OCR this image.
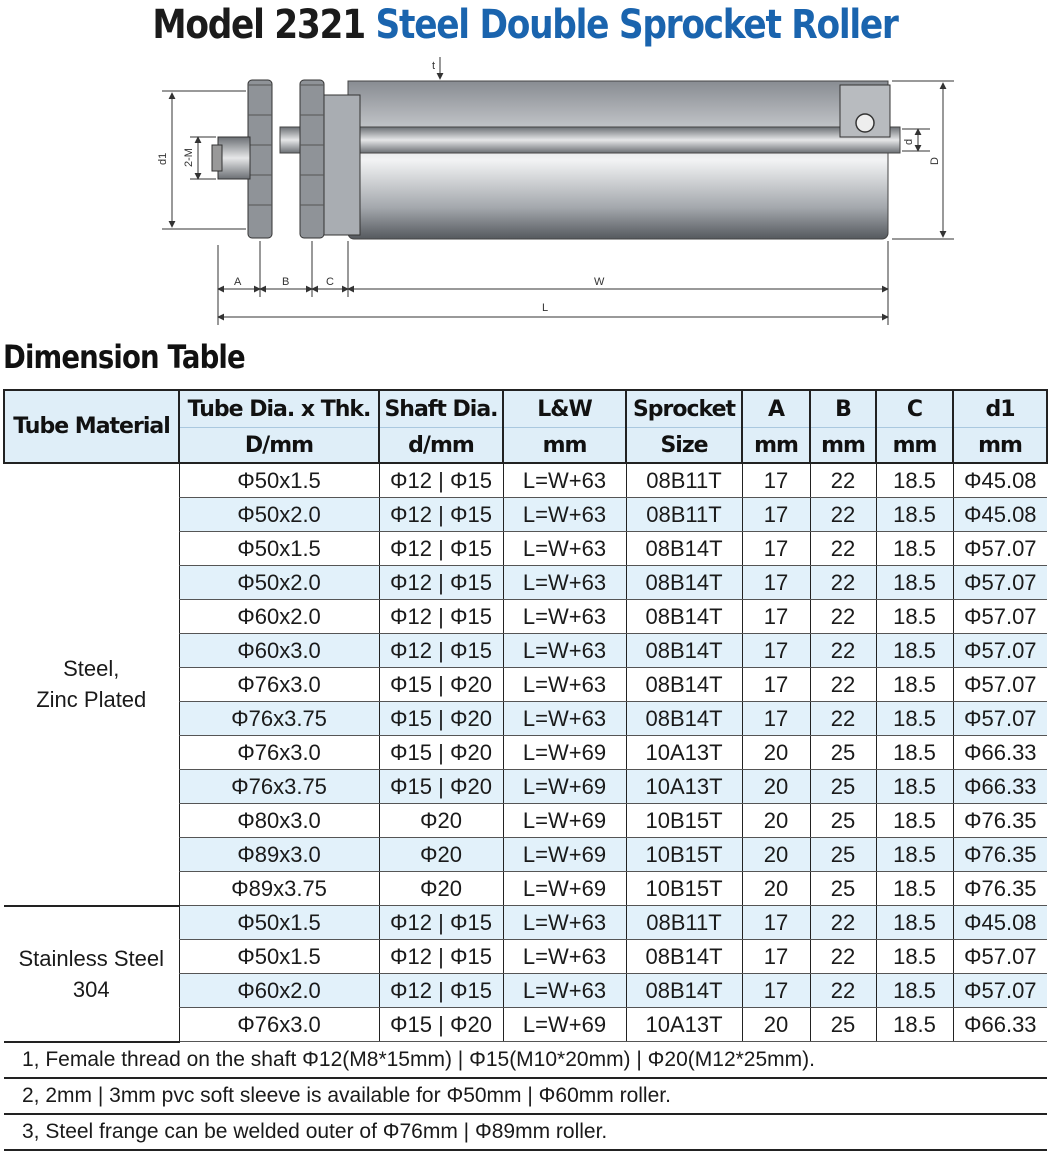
Model 2321 Steel Double Sprocket Roller
t
d1 2-M
d
D
A	B	C	W
L
Dimension Table
Tube Material	Tube Dia. x Thk.	Shaft Dia.	L&W	Sprocket	A	B	C	d1
	D/mm	d/mm	mm	Size	mm	mm	mm	mm

Steel,
Zinc Plated	Φ50x1.5	Φ12 | Φ15	L=W+63	08B11T	17	22	18.5	Φ45.08
	Φ50x2.0	Φ12 | Φ15	L=W+63	08B11T	17	22	18.5	Φ45.08
	Φ50x1.5	Φ12 | Φ15	L=W+63	08B14T	17	22	18.5	Φ57.07
	Φ50x2.0	Φ12 | Φ15	L=W+63	08B14T	17	22	18.5	Φ57.07
	Φ60x2.0	Φ12 | Φ15	L=W+63	08B14T	17	22	18.5	Φ57.07
	Φ60x3.0	Φ12 | Φ15	L=W+63	08B14T	17	22	18.5	Φ57.07
	Φ76x3.0	Φ15 | Φ20	L=W+63	08B14T	17	22	18.5	Φ57.07
	Φ76x3.75	Φ15 | Φ20	L=W+63	08B14T	17	22	18.5	Φ57.07
	Φ76x3.0	Φ15 | Φ20	L=W+69	10A13T	20	25	18.5	Φ66.33
	Φ76x3.75	Φ15 | Φ20	L=W+69	10A13T	20	25	18.5	Φ66.33
	Φ80x3.0	Φ20	L=W+69	10B15T	20	25	18.5	Φ76.35
	Φ89x3.0	Φ20	L=W+69	10B15T	20	25	18.5	Φ76.35
	Φ89x3.75	Φ20	L=W+69	10B15T	20	25	18.5	Φ76.35

Stainless Steel
304	Φ50x1.5	Φ12 | Φ15	L=W+63	08B11T	17	22	18.5	Φ45.08
	Φ50x1.5	Φ12 | Φ15	L=W+63	08B14T	17	22	18.5	Φ57.07
	Φ60x2.0	Φ12 | Φ15	L=W+63	08B14T	17	22	18.5	Φ57.07
	Φ76x3.0	Φ15 | Φ20	L=W+69	10A13T	20	25	18.5	Φ66.33
1, Female thread on the shaft Φ12(M8*15mm) | Φ15(M10*20mm) | Φ20(M12*25mm).								
2, 2mm | 3mm pvc soft sleeve is available for Φ50mm | Φ60mm roller.								
3, Steel frange can be welded outer of Φ76mm | Φ89mm roller.								
